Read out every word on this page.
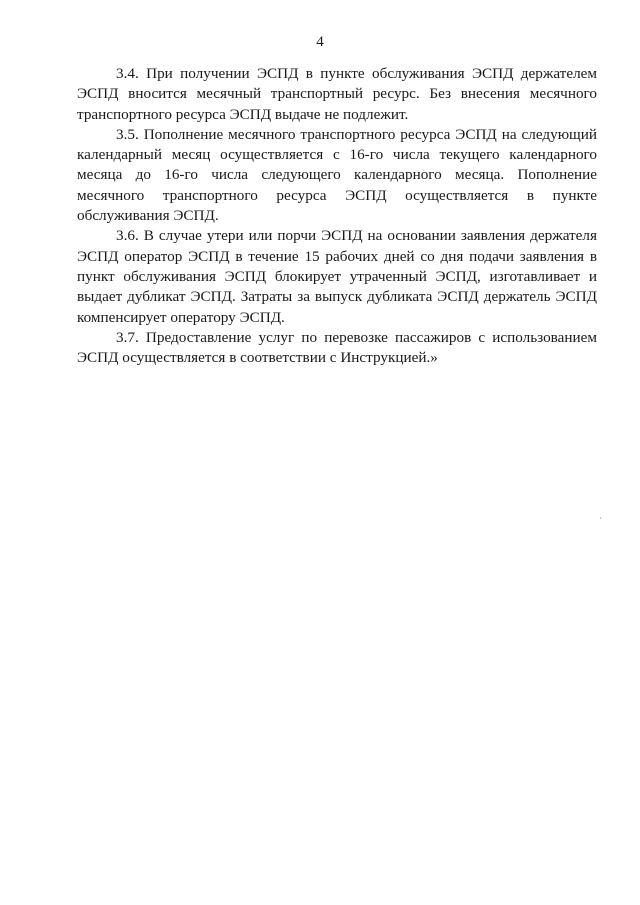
4

3.4. При получении ЭСПД в пункте обслуживания ЭСПД держателем ЭСПД вносится месячный транспортный ресурс. Без внесения месячного транспортного ресурса ЭСПД выдаче не подлежит.

3.5. Пополнение месячного транспортного ресурса ЭСПД на следующий календарный месяц осуществляется с 16-го числа текущего календарного месяца до 16-го числа следующего календарного месяца. Пополнение месячного транспортного ресурса ЭСПД осуществляется в пункте обслуживания ЭСПД.

3.6. В случае утери или порчи ЭСПД на основании заявления держателя ЭСПД оператор ЭСПД в течение 15 рабочих дней со дня подачи заявления в пункт обслуживания ЭСПД блокирует утраченный ЭСПД, изготавливает и выдает дубликат ЭСПД. Затраты за выпуск дубликата ЭСПД держатель ЭСПД компенсирует оператору ЭСПД.

3.7. Предоставление услуг по перевозке пассажиров с использованием ЭСПД осуществляется в соответствии с Инструкцией.»
